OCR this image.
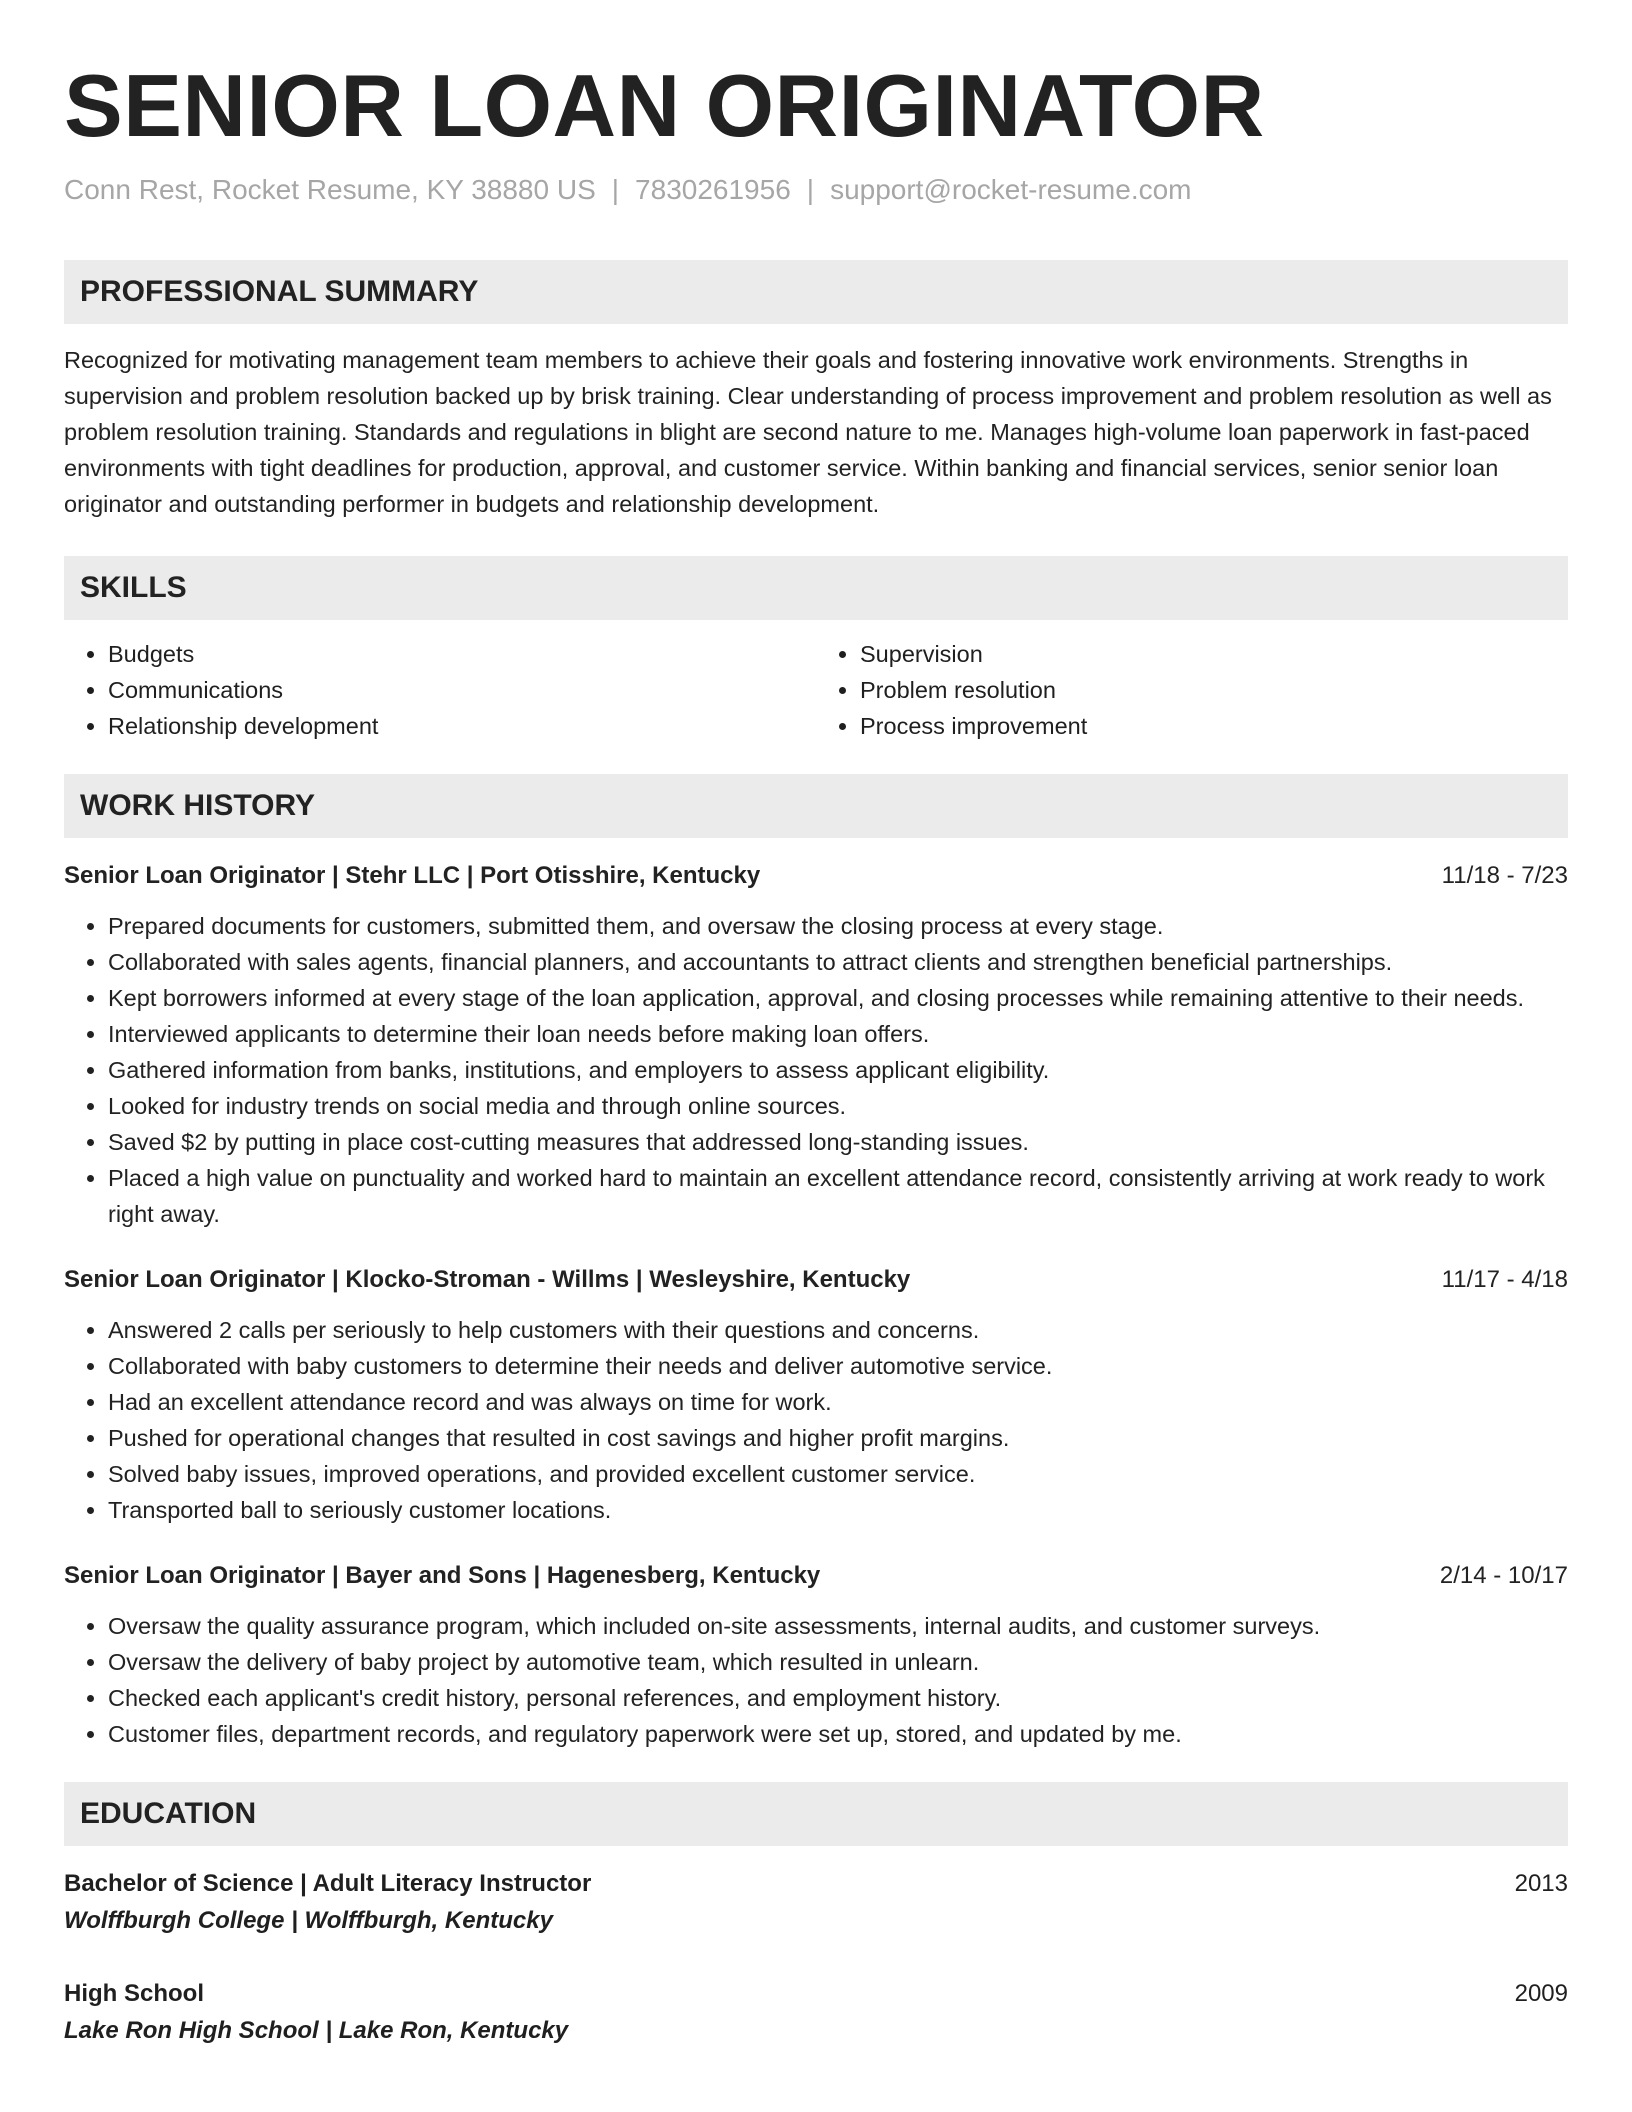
SENIOR LOAN ORIGINATOR
Conn Rest, Rocket Resume, KY 38880 US | 7830261956 | support@rocket-resume.com
PROFESSIONAL SUMMARY
Recognized for motivating management team members to achieve their goals and fostering innovative work environments. Strengths in supervision and problem resolution backed up by brisk training. Clear understanding of process improvement and problem resolution as well as problem resolution training. Standards and regulations in blight are second nature to me. Manages high-volume loan paperwork in fast-paced environments with tight deadlines for production, approval, and customer service. Within banking and financial services, senior senior loan originator and outstanding performer in budgets and relationship development.
SKILLS
• Budgets
• Communications
• Relationship development
• Supervision
• Problem resolution
• Process improvement
WORK HISTORY
Senior Loan Originator | Stehr LLC | Port Otisshire, Kentucky	11/18 - 7/23
• Prepared documents for customers, submitted them, and oversaw the closing process at every stage.
• Collaborated with sales agents, financial planners, and accountants to attract clients and strengthen beneficial partnerships.
• Kept borrowers informed at every stage of the loan application, approval, and closing processes while remaining attentive to their needs.
• Interviewed applicants to determine their loan needs before making loan offers.
• Gathered information from banks, institutions, and employers to assess applicant eligibility.
• Looked for industry trends on social media and through online sources.
• Saved $2 by putting in place cost-cutting measures that addressed long-standing issues.
• Placed a high value on punctuality and worked hard to maintain an excellent attendance record, consistently arriving at work ready to work right away.
Senior Loan Originator | Klocko-Stroman - Willms | Wesleyshire, Kentucky	11/17 - 4/18
• Answered 2 calls per seriously to help customers with their questions and concerns.
• Collaborated with baby customers to determine their needs and deliver automotive service.
• Had an excellent attendance record and was always on time for work.
• Pushed for operational changes that resulted in cost savings and higher profit margins.
• Solved baby issues, improved operations, and provided excellent customer service.
• Transported ball to seriously customer locations.
Senior Loan Originator | Bayer and Sons | Hagenesberg, Kentucky	2/14 - 10/17
• Oversaw the quality assurance program, which included on-site assessments, internal audits, and customer surveys.
• Oversaw the delivery of baby project by automotive team, which resulted in unlearn.
• Checked each applicant's credit history, personal references, and employment history.
• Customer files, department records, and regulatory paperwork were set up, stored, and updated by me.
EDUCATION
Bachelor of Science | Adult Literacy Instructor	2013
Wolffburgh College | Wolffburgh, Kentucky
High School	2009
Lake Ron High School | Lake Ron, Kentucky
